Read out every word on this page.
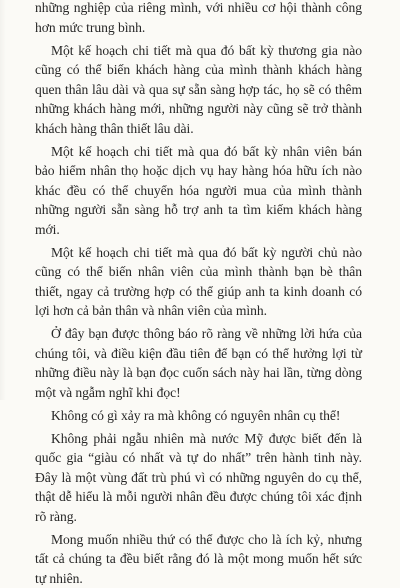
những nghiệp của riêng mình, với nhiều cơ hội thành công hơn mức trung bình.

Một kế hoạch chi tiết mà qua đó bất kỳ thương gia nào cũng có thể biến khách hàng của mình thành khách hàng quen thân lâu dài và qua sự sẵn sàng hợp tác, họ sẽ có thêm những khách hàng mới, những người này cũng sẽ trở thành khách hàng thân thiết lâu dài.

Một kế hoạch chi tiết mà qua đó bất kỳ nhân viên bán bảo hiểm nhân thọ hoặc dịch vụ hay hàng hóa hữu ích nào khác đều có thể chuyển hóa người mua của mình thành những người sẵn sàng hỗ trợ anh ta tìm kiếm khách hàng mới.

Một kế hoạch chi tiết mà qua đó bất kỳ người chủ nào cũng có thể biến nhân viên của mình thành bạn bè thân thiết, ngay cả trường hợp có thể giúp anh ta kinh doanh có lợi hơn cả bản thân và nhân viên của mình.

Ở đây bạn được thông báo rõ ràng về những lời hứa của chúng tôi, và điều kiện đầu tiên để bạn có thể hưởng lợi từ những điều này là bạn đọc cuốn sách này hai lần, từng dòng một và ngẫm nghĩ khi đọc!

Không có gì xảy ra mà không có nguyên nhân cụ thể!

Không phải ngẫu nhiên mà nước Mỹ được biết đến là quốc gia “giàu có nhất và tự do nhất” trên hành tinh này. Đây là một vùng đất trù phú vì có những nguyên do cụ thể, thật dễ hiểu là mỗi người nhân đều được chúng tôi xác định rõ ràng.

Mong muốn nhiều thứ có thể được cho là ích kỷ, nhưng tất cả chúng ta đều biết rằng đó là một mong muốn hết sức tự nhiên.
